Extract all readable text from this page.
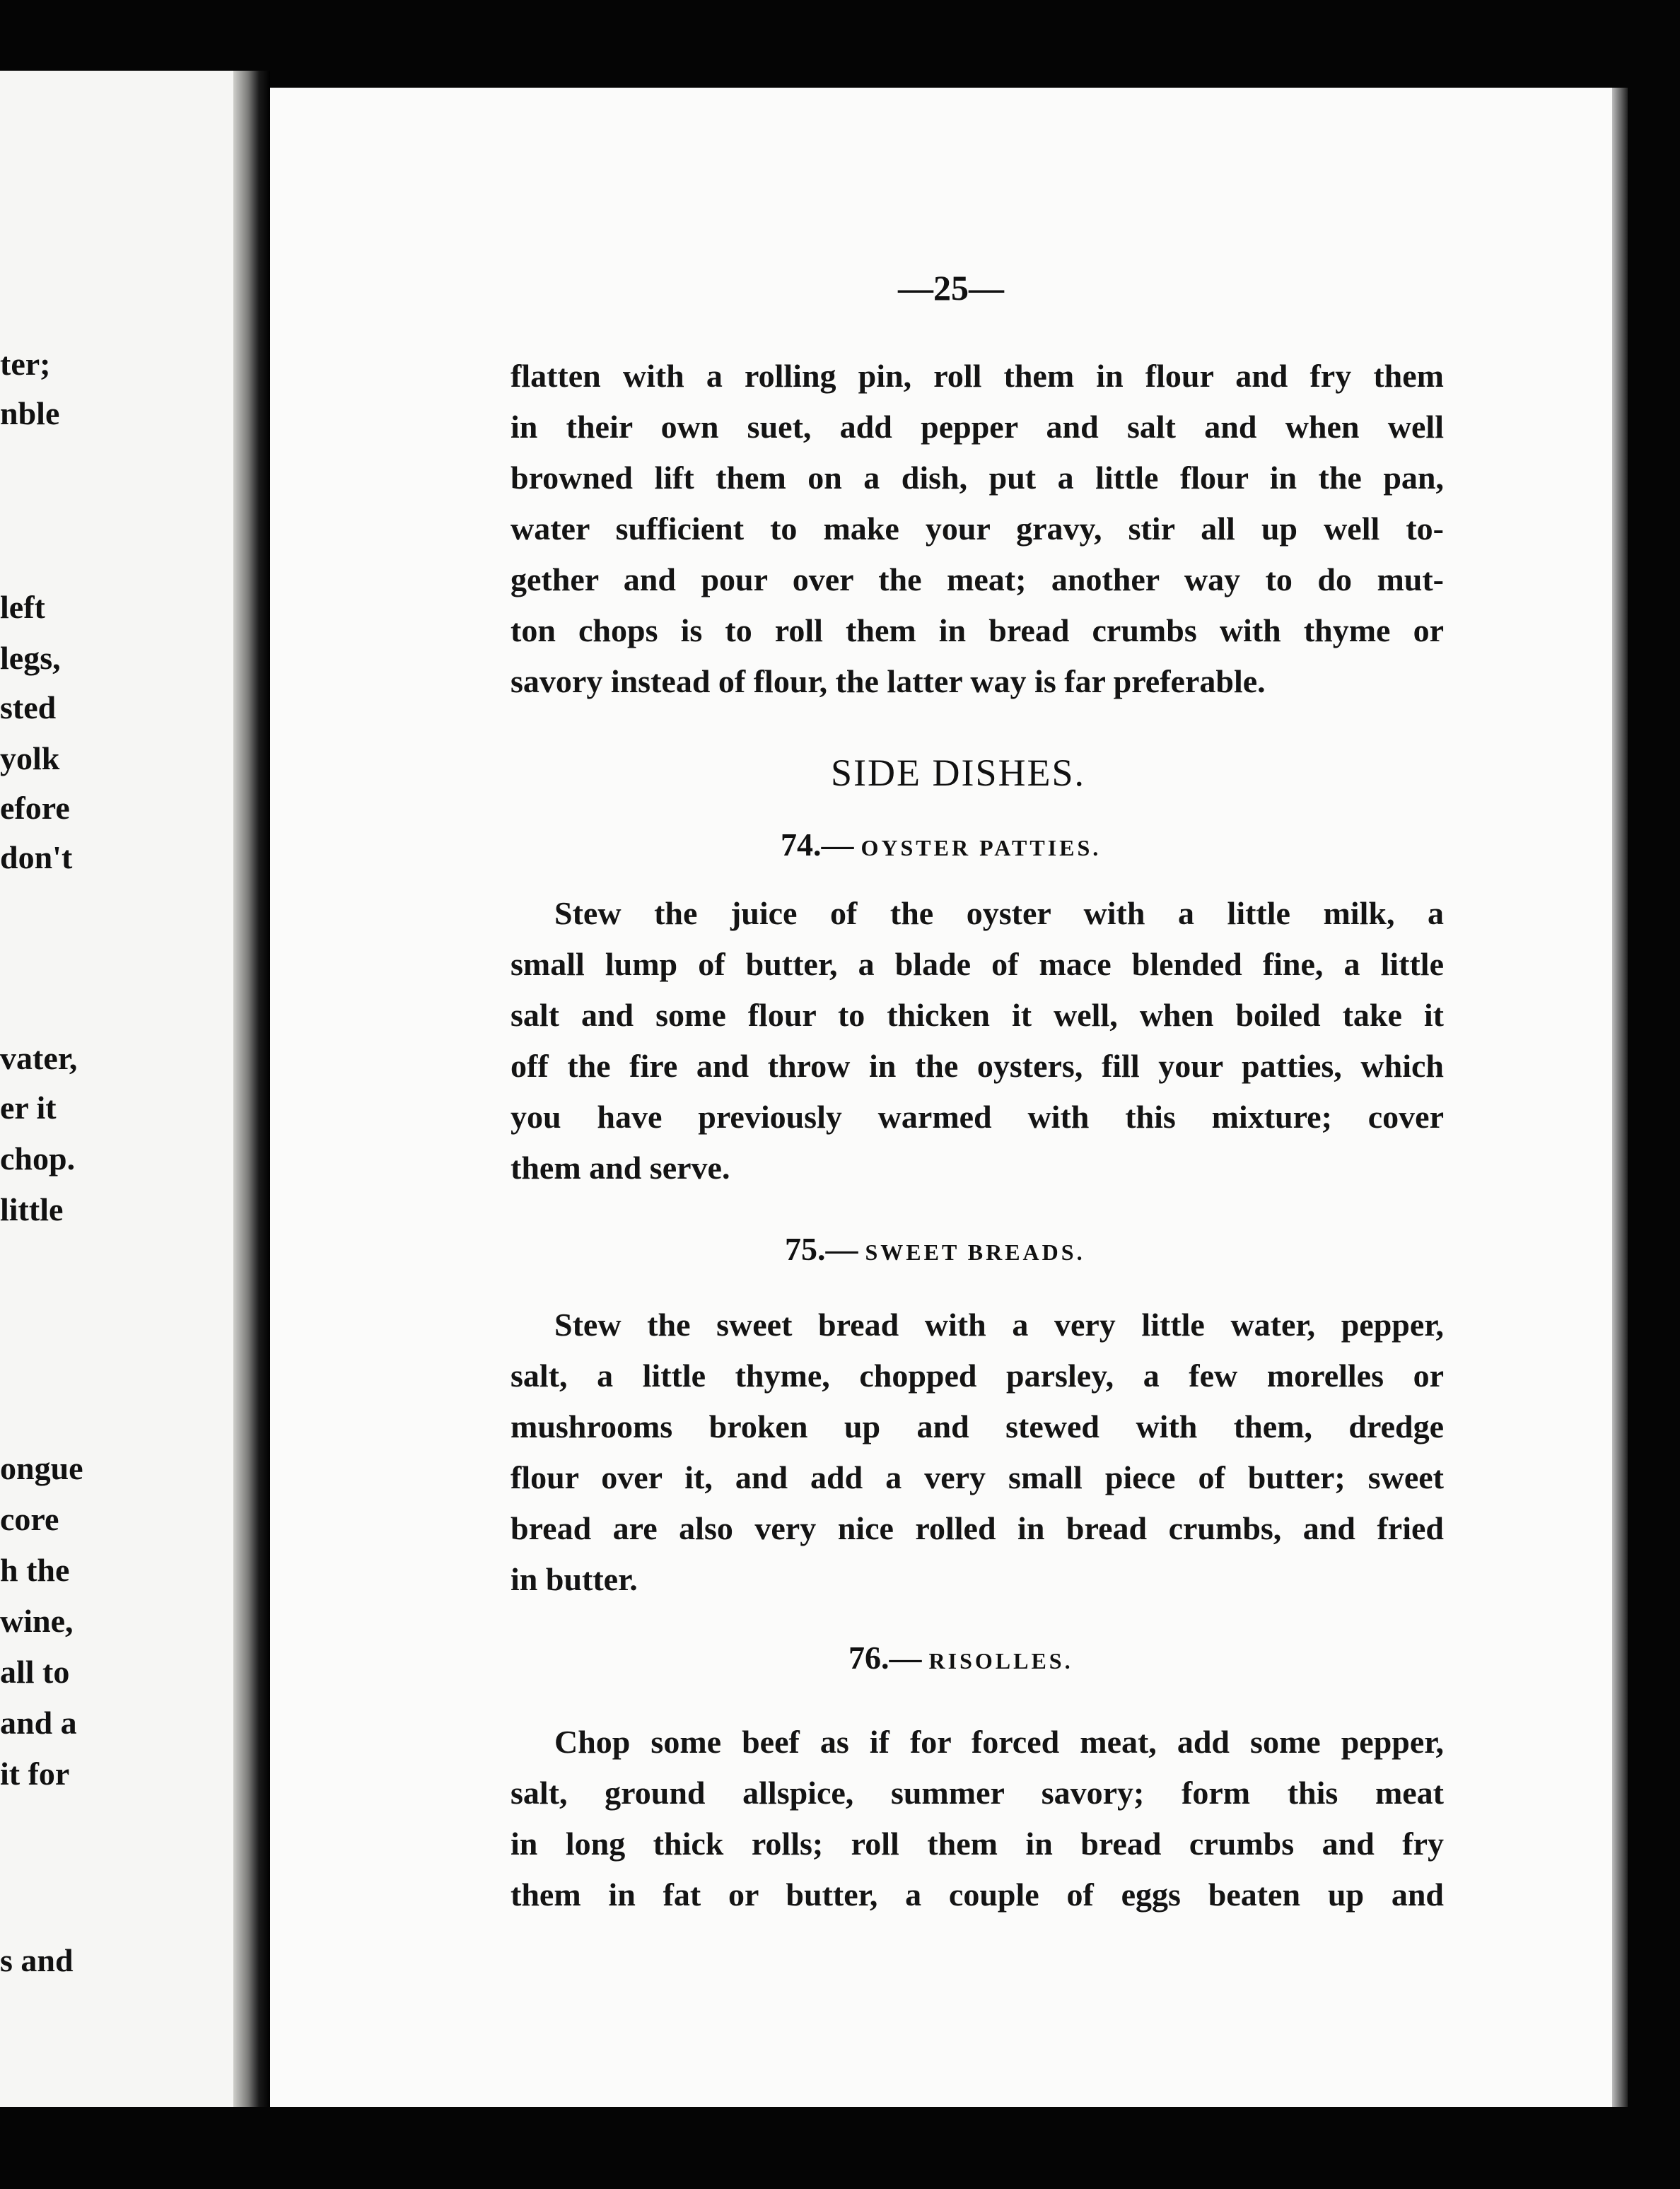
ter;
nble
left
legs,
sted
yolk
efore
don't
vater,
er it
chop.
little
ongue
core
h the
wine,
all to
and a
it for
s and
—25—
flatten with a rolling pin, roll them in flour and fry them
in their own suet, add pepper and salt and when well
browned lift them on a dish, put a little flour in the pan,
water sufficient to make your gravy, stir all up well to-
gether and pour over the meat; another way to do mut-
ton chops is to roll them in bread crumbs with thyme or
savory instead of flour, the latter way is far preferable.
SIDE DISHES.
74.— OYSTER PATTIES.
Stew the juice of the oyster with a little milk, a
small lump of butter, a blade of mace blended fine, a little
salt and some flour to thicken it well, when boiled take it
off the fire and throw in the oysters, fill your patties, which
you have previously warmed with this mixture; cover
them and serve.
75.— SWEET BREADS.
Stew the sweet bread with a very little water, pepper,
salt, a little thyme, chopped parsley, a few morelles or
mushrooms broken up and stewed with them, dredge
flour over it, and add a very small piece of butter; sweet
bread are also very nice rolled in bread crumbs, and fried
in butter.
76.— RISOLLES.
Chop some beef as if for forced meat, add some pepper,
salt, ground allspice, summer savory; form this meat
in long thick rolls; roll them in bread crumbs and fry
them in fat or butter, a couple of eggs beaten up and
